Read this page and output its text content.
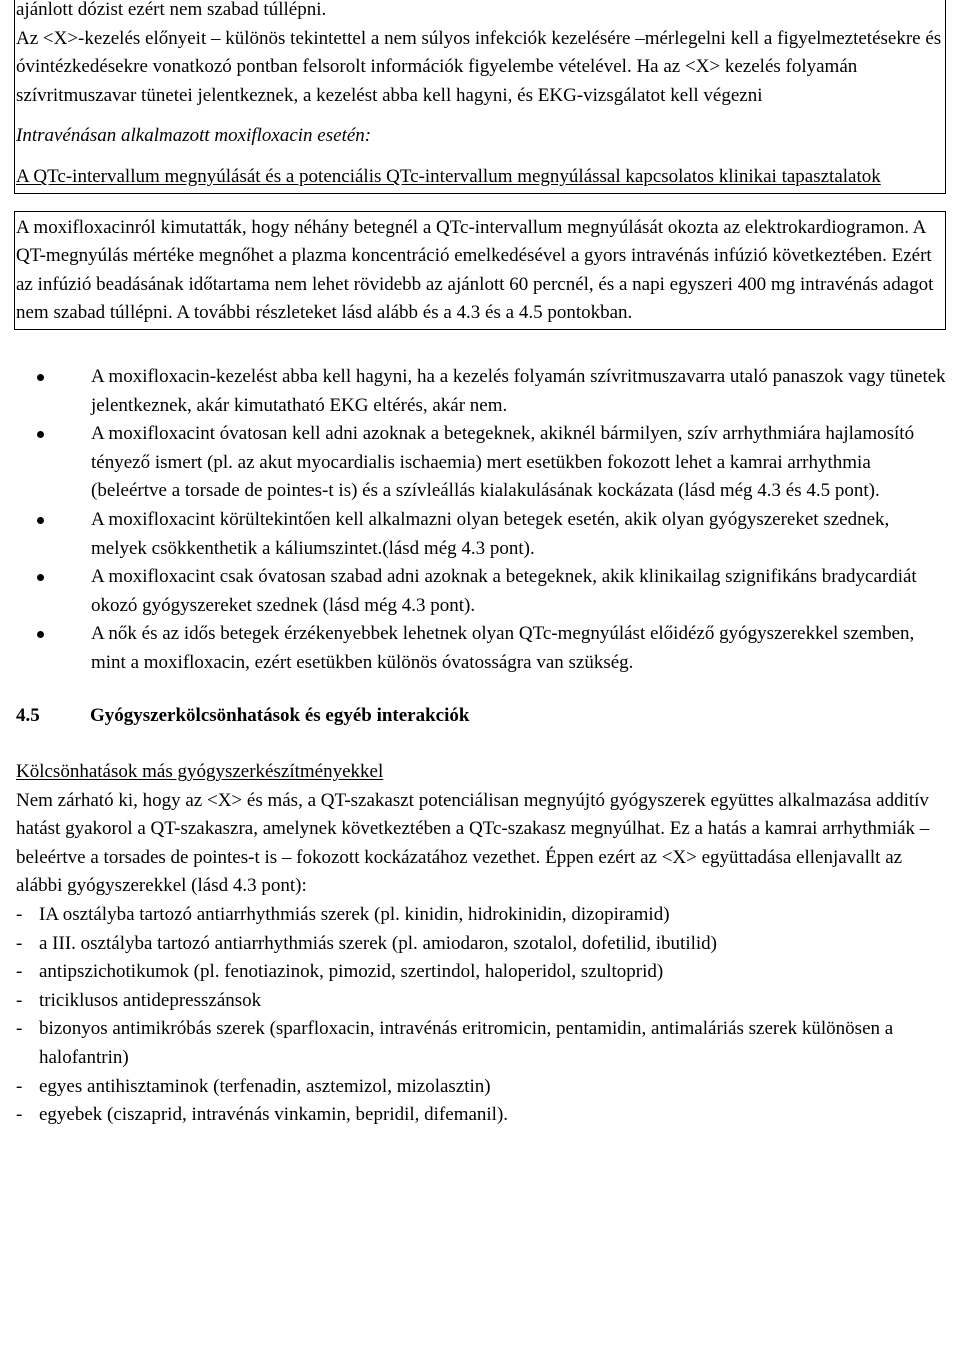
ajánlott dózist ezért nem szabad túllépni.

Az <X>-kezelés előnyeit – különös tekintettel a nem súlyos infekciók kezelésére –mérlegelni kell a figyelmeztetésekre és óvintézkedésekre vonatkozó pontban felsorolt információk figyelembe vételével. Ha az <X> kezelés folyamán szívritmuszavar tünetei jelentkeznek, a kezelést abba kell hagyni, és EKG-vizsgálatot kell végezni

Intravénásan alkalmazott moxifloxacin esetén:

A QTc-intervallum megnyúlását és a potenciális QTc-intervallum megnyúlással kapcsolatos klinikai tapasztalatok

A moxifloxacinról kimutatták, hogy néhány betegnél a QTc-intervallum megnyúlását okozta az elektrokardiogramon. A QT-megnyúlás mértéke megnőhet a plazma koncentráció emelkedésével a gyors intravénás infúzió következtében. Ezért az infúzió beadásának időtartama nem lehet rövidebb az ajánlott 60 percnél, és a napi egyszeri 400 mg intravénás adagot nem szabad túllépni. A további részleteket lásd alább és a 4.3 és a 4.5 pontokban.

A moxifloxacin-kezelést abba kell hagyni, ha a kezelés folyamán szívritmuszavarra utaló panaszok vagy tünetek jelentkeznek, akár kimutatható EKG eltérés, akár nem.
A moxifloxacint óvatosan kell adni azoknak a betegeknek, akiknél bármilyen, szív arrhythmiára hajlamosító tényező ismert (pl. az akut myocardialis ischaemia) mert esetükben fokozott lehet a kamrai arrhythmia (beleértve a torsade de pointes-t is) és a szívleállás kialakulásának kockázata (lásd még 4.3 és 4.5 pont).
A moxifloxacint körültekintően kell alkalmazni olyan betegek esetén, akik olyan gyógyszereket szednek, melyek csökkenthetik a káliumszintet.(lásd még 4.3 pont).
A moxifloxacint csak óvatosan szabad adni azoknak a betegeknek, akik klinikailag szignifikáns bradycardiát okozó gyógyszereket szednek (lásd még 4.3 pont).
A nők és az idős betegek érzékenyebbek lehetnek olyan QTc-megnyúlást előidéző gyógyszerekkel szemben, mint a moxifloxacin, ezért esetükben különös óvatosságra van szükség.

4.5	Gyógyszerkölcsönhatások és egyéb interakciók

Kölcsönhatások más gyógyszerkészítményekkel

Nem zárható ki, hogy az <X> és más, a QT-szakaszt potenciálisan megnyújtó gyógyszerek együttes alkalmazása additív hatást gyakorol a QT-szakaszra, amelynek következtében a QTc-szakasz megnyúlhat. Ez a hatás a kamrai arrhythmiák – beleértve a torsades de pointes-t is – fokozott kockázatához vezethet. Éppen ezért az <X> együttadása ellenjavallt az alábbi gyógyszerekkel (lásd 4.3 pont):

- IA osztályba tartozó antiarrhythmiás szerek (pl. kinidin, hidrokinidin, dizopiramid)
- a III. osztályba tartozó antiarrhythmiás szerek (pl. amiodaron, szotalol, dofetilid, ibutilid)
- antipszichotikumok (pl. fenotiazinok, pimozid, szertindol, haloperidol, szultoprid)
- triciklusos antidepresszánsok
- bizonyos antimikróbás szerek (sparfloxacin, intravénás eritromicin, pentamidin, antimaláriás szerek különösen a halofantrin)
- egyes antihisztaminok (terfenadin, asztemizol, mizolasztin)
- egyebek (ciszaprid, intravénás vinkamin, bepridil, difemanil).
